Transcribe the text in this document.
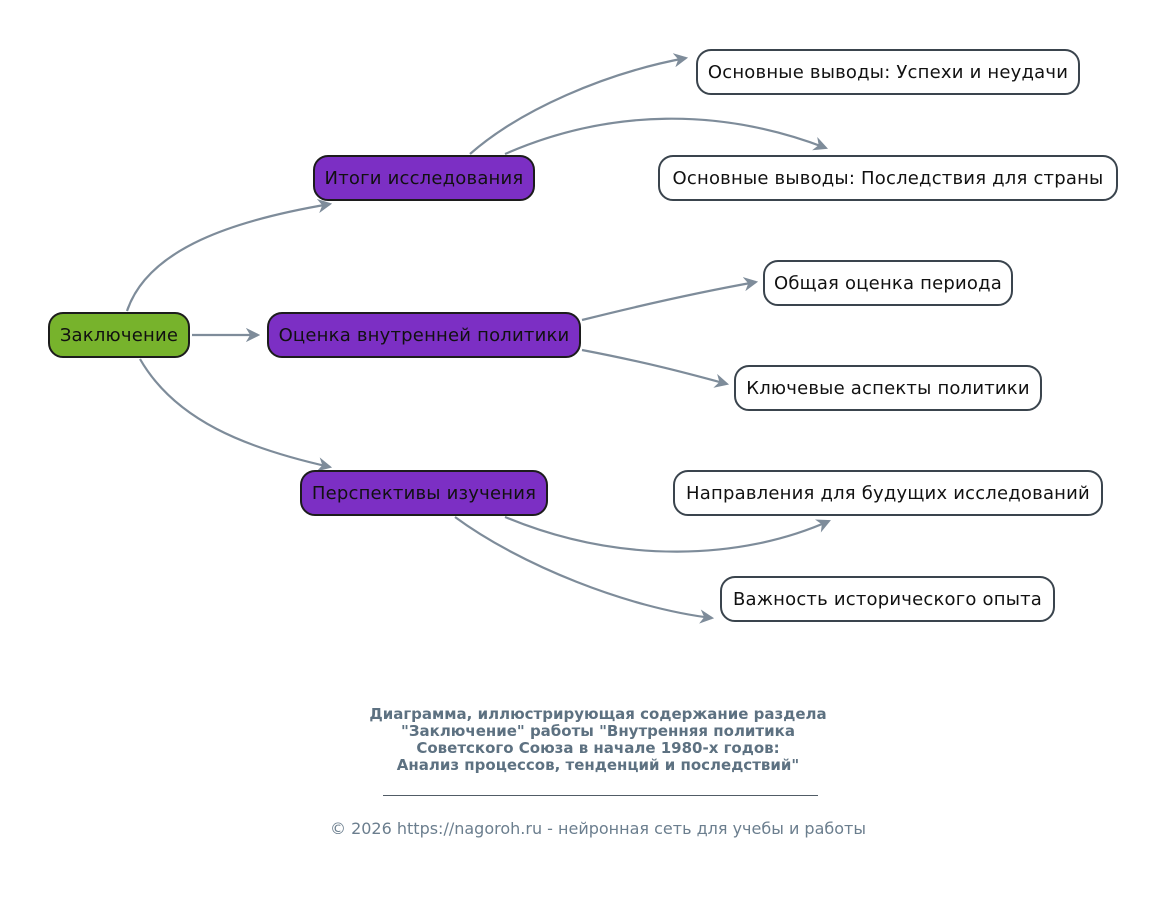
Заключение
Итоги исследования
Оценка внутренней политики
Перспективы изучения
Основные выводы: Успехи и неудачи
Основные выводы: Последствия для страны
Общая оценка периода
Ключевые аспекты политики
Направления для будущих исследований
Важность исторического опыта
Диаграмма, иллюстрирующая содержание раздела
"Заключение" работы "Внутренняя политика
Советского Союза в начале 1980-х годов:
Анализ процессов, тенденций и последствий"
© 2026 https://nagoroh.ru - нейронная сеть для учебы и работы
